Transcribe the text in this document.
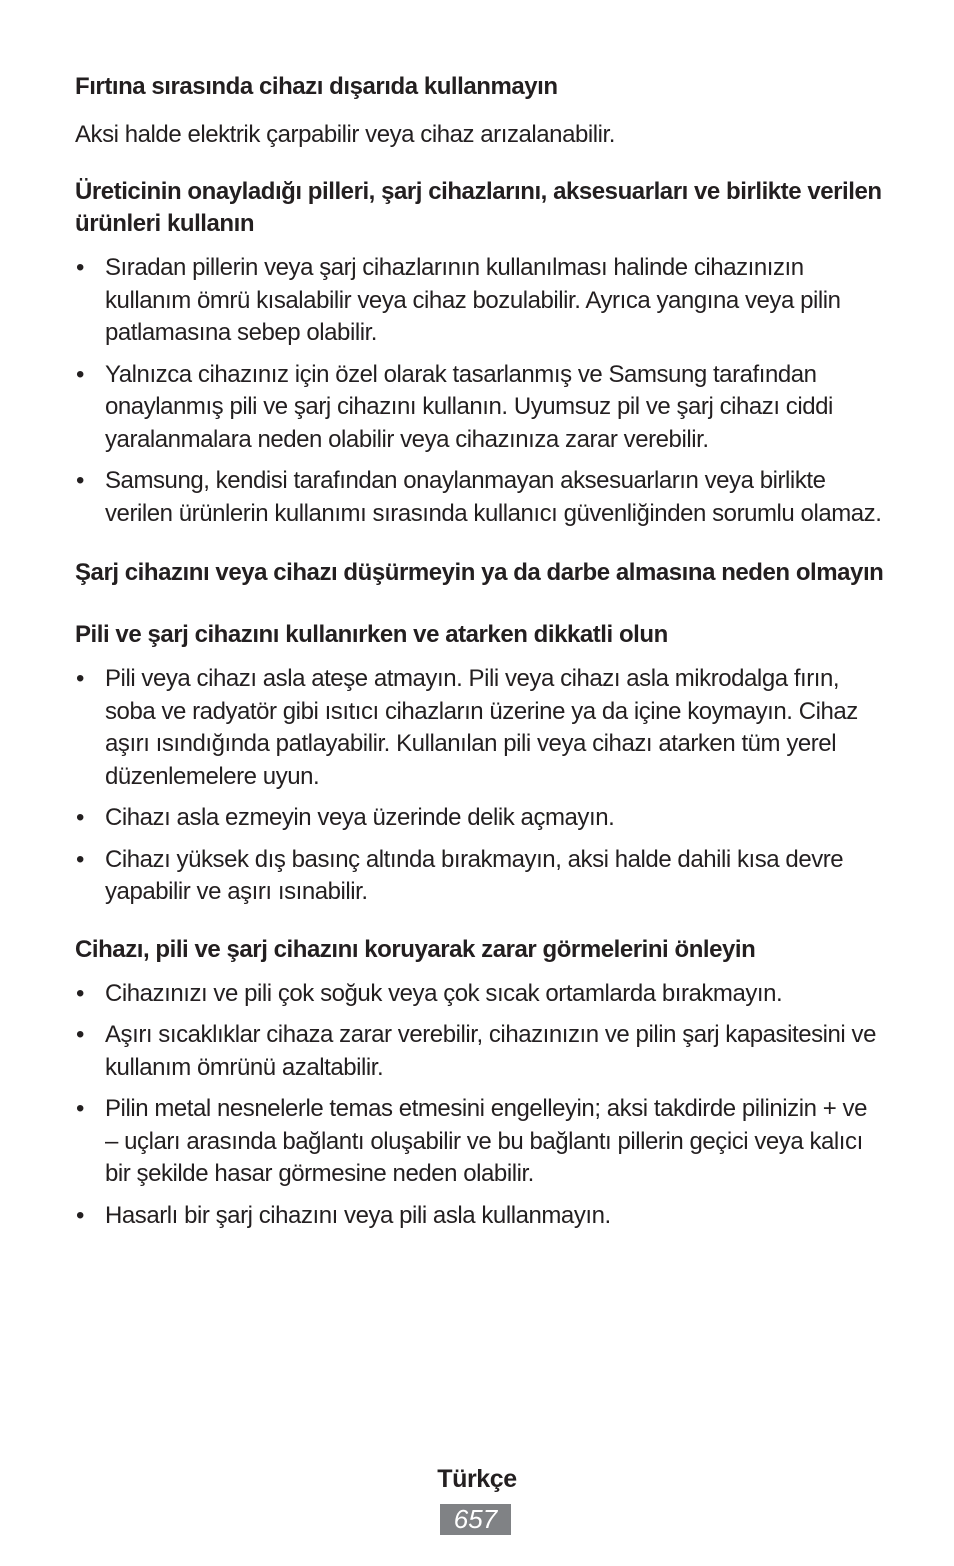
Fırtına sırasında cihazı dışarıda kullanmayın

Aksi halde elektrik çarpabilir veya cihaz arızalanabilir.

Üreticinin onayladığı pilleri, şarj cihazlarını, aksesuarları ve birlikte verilen ürünleri kullanın
• Sıradan pillerin veya şarj cihazlarının kullanılması halinde cihazınızın kullanım ömrü kısalabilir veya cihaz bozulabilir. Ayrıca yangına veya pilin patlamasına sebep olabilir.
• Yalnızca cihazınız için özel olarak tasarlanmış ve Samsung tarafından onaylanmış pili ve şarj cihazını kullanın. Uyumsuz pil ve şarj cihazı ciddi yaralanmalara neden olabilir veya cihazınıza zarar verebilir.
• Samsung, kendisi tarafından onaylanmayan aksesuarların veya birlikte verilen ürünlerin kullanımı sırasında kullanıcı güvenliğinden sorumlu olamaz.
Şarj cihazını veya cihazı düşürmeyin ya da darbe almasına neden olmayın
Pili ve şarj cihazını kullanırken ve atarken dikkatli olun
• Pili veya cihazı asla ateşe atmayın. Pili veya cihazı asla mikrodalga fırın, soba ve radyatör gibi ısıtıcı cihazların üzerine ya da içine koymayın. Cihaz aşırı ısındığında patlayabilir. Kullanılan pili veya cihazı atarken tüm yerel düzenlemelere uyun.
• Cihazı asla ezmeyin veya üzerinde delik açmayın.
• Cihazı yüksek dış basınç altında bırakmayın, aksi halde dahili kısa devre yapabilir ve aşırı ısınabilir.
Cihazı, pili ve şarj cihazını koruyarak zarar görmelerini önleyin
• Cihazınızı ve pili çok soğuk veya çok sıcak ortamlarda bırakmayın.
• Aşırı sıcaklıklar cihaza zarar verebilir, cihazınızın ve pilin şarj kapasitesini ve kullanım ömrünü azaltabilir.
• Pilin metal nesnelerle temas etmesini engelleyin; aksi takdirde pilinizin + ve – uçları arasında bağlantı oluşabilir ve bu bağlantı pillerin geçici veya kalıcı bir şekilde hasar görmesine neden olabilir.
• Hasarlı bir şarj cihazını veya pili asla kullanmayın.
Türkçe
657
